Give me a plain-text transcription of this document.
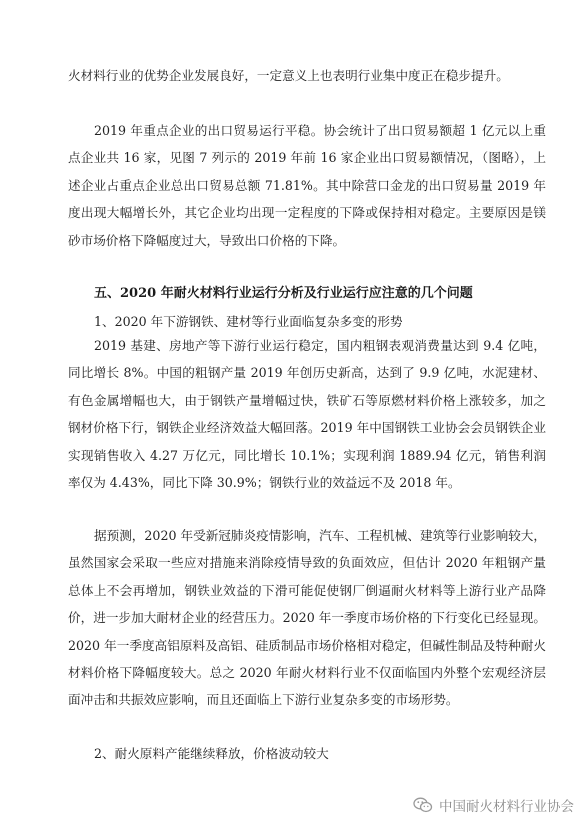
火材料行业的优势企业发展良好，一定意义上也表明行业集中度正在稳步提升。

2019 年重点企业的出口贸易运行平稳。协会统计了出口贸易额超 1 亿元以上重点企业共 16 家，见图 7 列示的 2019 年前 16 家企业出口贸易额情况，（图略），上述企业占重点企业总出口贸易总额 71.81%。其中除营口金龙的出口贸易量 2019 年度出现大幅增长外，其它企业均出现一定程度的下降或保持相对稳定。主要原因是镁砂市场价格下降幅度过大，导致出口价格的下降。

五、2020 年耐火材料行业运行分析及行业运行应注意的几个问题

1、2020 年下游钢铁、建材等行业面临复杂多变的形势

2019 基建、房地产等下游行业运行稳定，国内粗钢表观消费量达到 9.4 亿吨，同比增长 8%。中国的粗钢产量 2019 年创历史新高，达到了 9.9 亿吨，水泥建材、有色金属增幅也大，由于钢铁产量增幅过快，铁矿石等原燃材料价格上涨较多，加之钢材价格下行，钢铁企业经济效益大幅回落。2019 年中国钢铁工业协会会员钢铁企业实现销售收入 4.27 万亿元，同比增长 10.1%；实现利润 1889.94 亿元，销售利润率仅为 4.43%，同比下降 30.9%；钢铁行业的效益远不及 2018 年。

据预测，2020 年受新冠肺炎疫情影响，汽车、工程机械、建筑等行业影响较大，虽然国家会采取一些应对措施来消除疫情导致的负面效应，但估计 2020 年粗钢产量总体上不会再增加，钢铁业效益的下滑可能促使钢厂倒逼耐火材料等上游行业产品降价，进一步加大耐材企业的经营压力。2020 年一季度市场价格的下行变化已经显现。2020 年一季度高铝原料及高铝、硅质制品市场价格相对稳定，但碱性制品及特种耐火材料价格下降幅度较大。总之 2020 年耐火材料行业不仅面临国内外整个宏观经济层面冲击和共振效应影响，而且还面临上下游行业复杂多变的市场形势。

2、耐火原料产能继续释放，价格波动较大

中国耐火材料行业协会
